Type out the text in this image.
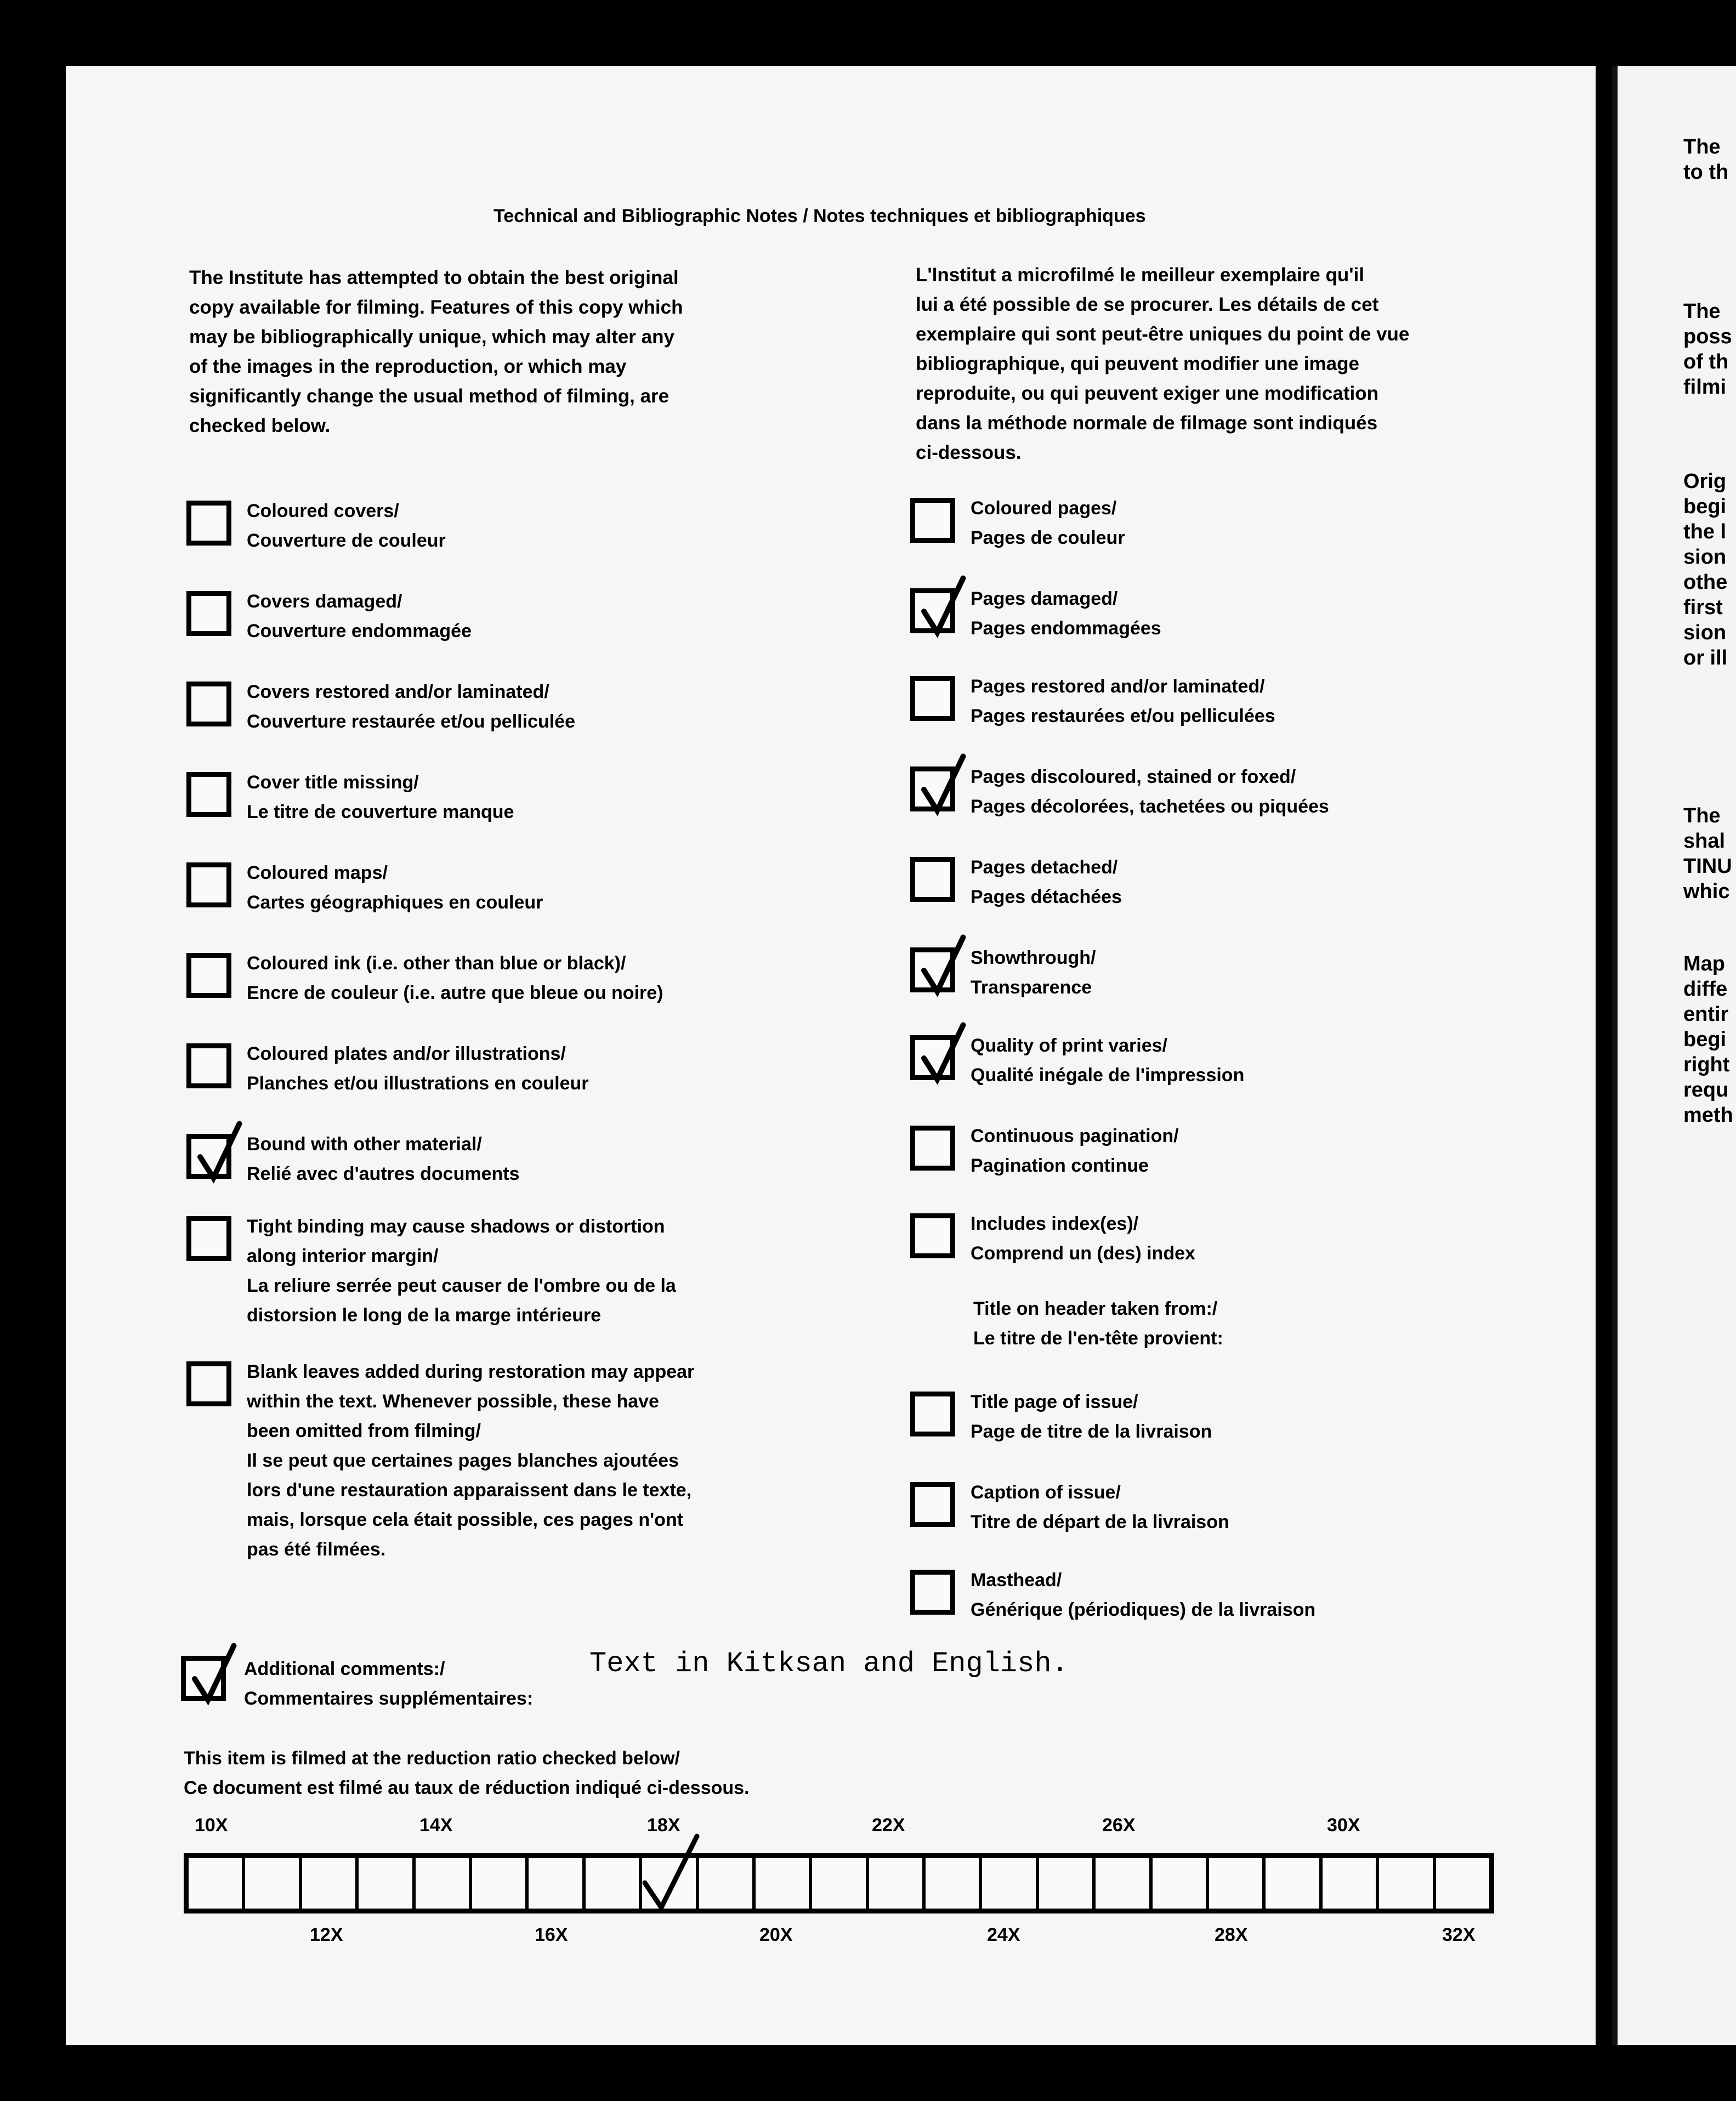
Technical and Bibliographic Notes / Notes techniques et bibliographiques
The Institute has attempted to obtain the best original
copy available for filming. Features of this copy which
may be bibliographically unique, which may alter any
of the images in the reproduction, or which may
significantly change the usual method of filming, are
checked below.
L'Institut a microfilmé le meilleur exemplaire qu'il
lui a été possible de se procurer. Les détails de cet
exemplaire qui sont peut-être uniques du point de vue
bibliographique, qui peuvent modifier une image
reproduite, ou qui peuvent exiger une modification
dans la méthode normale de filmage sont indiqués
ci-dessous.
Coloured covers/
Couverture de couleur
Covers damaged/
Couverture endommagée
Covers restored and/or laminated/
Couverture restaurée et/ou pelliculée
Cover title missing/
Le titre de couverture manque
Coloured maps/
Cartes géographiques en couleur
Coloured ink (i.e. other than blue or black)/
Encre de couleur (i.e. autre que bleue ou noire)
Coloured plates and/or illustrations/
Planches et/ou illustrations en couleur
Bound with other material/
Relié avec d'autres documents
Tight binding may cause shadows or distortion
along interior margin/
La reliure serrée peut causer de l'ombre ou de la
distorsion le long de la marge intérieure
Blank leaves added during restoration may appear
within the text. Whenever possible, these have
been omitted from filming/
Il se peut que certaines pages blanches ajoutées
lors d'une restauration apparaissent dans le texte,
mais, lorsque cela était possible, ces pages n'ont
pas été filmées.
Coloured pages/
Pages de couleur
Pages damaged/
Pages endommagées
Pages restored and/or laminated/
Pages restaurées et/ou pelliculées
Pages discoloured, stained or foxed/
Pages décolorées, tachetées ou piquées
Pages detached/
Pages détachées
Showthrough/
Transparence
Quality of print varies/
Qualité inégale de l'impression
Continuous pagination/
Pagination continue
Includes index(es)/
Comprend un (des) index
Title page of issue/
Page de titre de la livraison
Caption of issue/
Titre de départ de la livraison
Masthead/
Générique (périodiques) de la livraison
Title on header taken from:/
Le titre de l'en-tête provient:
Additional comments:/
Commentaires supplémentaires:
Text in Kitksan and English.
This item is filmed at the reduction ratio checked below/
Ce document est filmé au taux de réduction indiqué ci-dessous.
10X	14X	18X	22X	26X	30X
12X	16X	20X	24X	28X	32X
The
to th
The
poss
of th
filmi
Orig
begi
the l
sion
othe
first
sion
or ill
The
shal
TINU
whic
Map
diffe
entir
begi
right
requ
meth
